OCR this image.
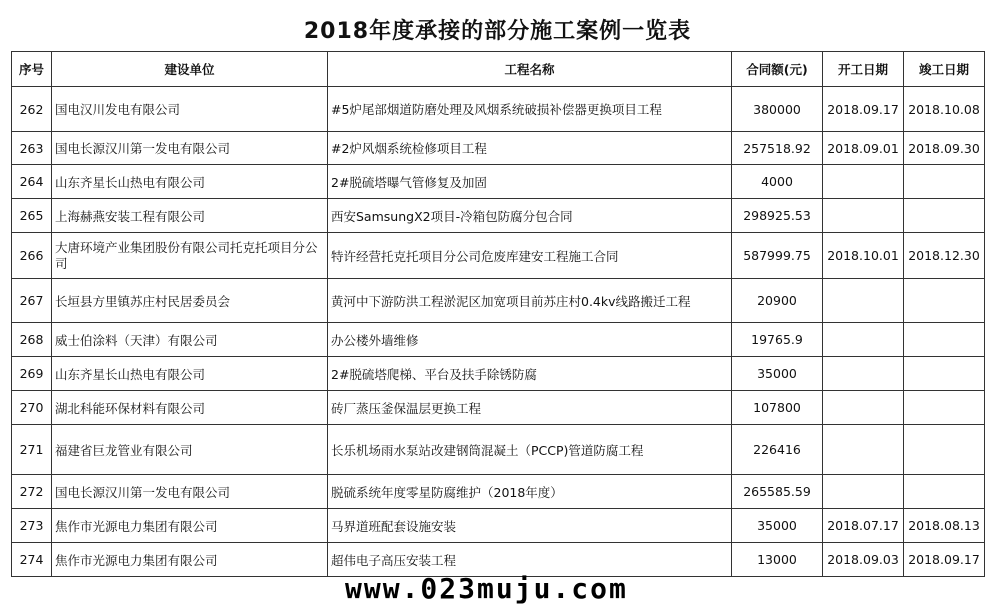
2018年度承接的部分施工案例一览表
序号	建设单位	工程名称	合同额(元)	开工日期	竣工日期
262	国电汉川发电有限公司	#5炉尾部烟道防磨处理及风烟系统破损补偿器更换项目工程	380000	2018.09.17	2018.10.08
263	国电长源汉川第一发电有限公司	#2炉风烟系统检修项目工程	257518.92	2018.09.01	2018.09.30
264	山东齐星长山热电有限公司	2#脱硫塔曝气管修复及加固	4000		
265	上海赫燕安装工程有限公司	西安SamsungX2项目-冷箱包防腐分包合同	298925.53		
266	大唐环境产业集团股份有限公司托克托项目分公司	特许经营托克托项目分公司危废库建安工程施工合同	587999.75	2018.10.01	2018.12.30
267	长垣县方里镇苏庄村民居委员会	黄河中下游防洪工程淤泥区加宽项目前苏庄村0.4kv线路搬迁工程	20900		
268	威士伯涂料（天津）有限公司	办公楼外墙维修	19765.9		
269	山东齐星长山热电有限公司	2#脱硫塔爬梯、平台及扶手除锈防腐	35000		
270	湖北科能环保材料有限公司	砖厂蒸压釜保温层更换工程	107800		
271	福建省巨龙管业有限公司	长乐机场雨水泵站改建钢筒混凝土（PCCP)管道防腐工程	226416		
272	国电长源汉川第一发电有限公司	脱硫系统年度零星防腐维护（2018年度）	265585.59		
273	焦作市光源电力集团有限公司	马界道班配套设施安装	35000	2018.07.17	2018.08.13
274	焦作市光源电力集团有限公司	超伟电子高压安装工程	13000	2018.09.03	2018.09.17
www.023muju.com
